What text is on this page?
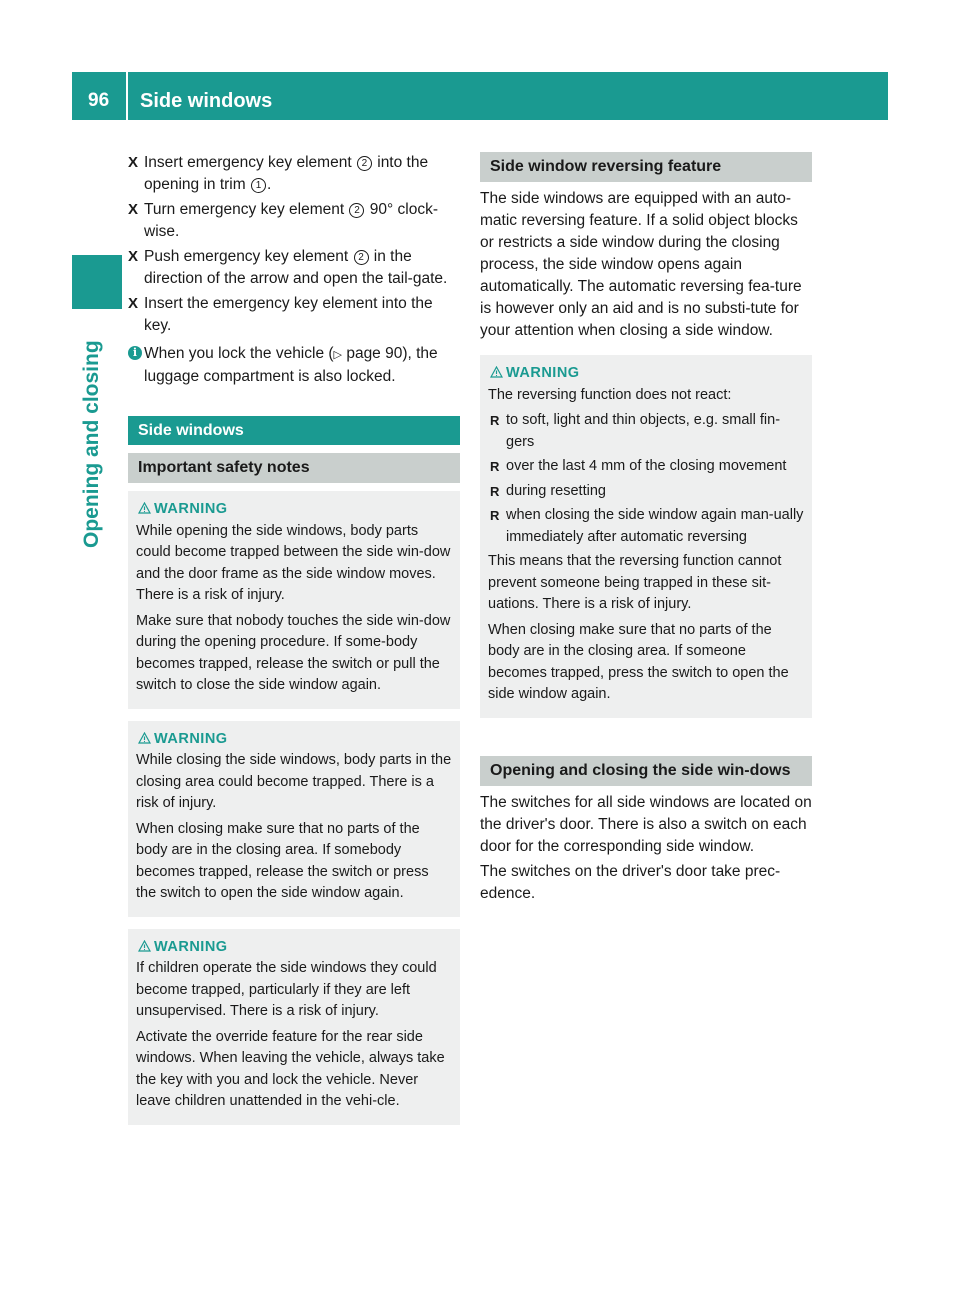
96 Side windows
Opening and closing
X Insert emergency key element 2 into the opening in trim 1 .
X Turn emergency key element 2 90° clock-wise.
X Push emergency key element 2 in the direction of the arrow and open the tail-gate.
X Insert the emergency key element into the key.
i When you lock the vehicle (▷ page 90), the luggage compartment is also locked.
Side windows
Important safety notes
WARNING

While opening the side windows, body parts could become trapped between the side win-dow and the door frame as the side window moves. There is a risk of injury.

Make sure that nobody touches the side win-dow during the opening procedure. If some-body becomes trapped, release the switch or pull the switch to close the side window again.

WARNING

While closing the side windows, body parts in the closing area could become trapped. There is a risk of injury.

When closing make sure that no parts of the body are in the closing area. If somebody becomes trapped, release the switch or press the switch to open the side window again.

WARNING

If children operate the side windows they could become trapped, particularly if they are left unsupervised. There is a risk of injury.

Activate the override feature for the rear side windows. When leaving the vehicle, always take the key with you and lock the vehicle. Never leave children unattended in the vehi-cle.

Side window reversing feature

The side windows are equipped with an auto-matic reversing feature. If a solid object blocks or restricts a side window during the closing process, the side window opens again automatically. The automatic reversing fea-ture is however only an aid and is no substi-tute for your attention when closing a side window.

WARNING

The reversing function does not react:

R to soft, light and thin objects, e.g. small fin-gers
R over the last 4 mm of the closing movement
R during resetting
R when closing the side window again man-ually immediately after automatic reversing

This means that the reversing function cannot prevent someone being trapped in these sit-uations. There is a risk of injury.

When closing make sure that no parts of the body are in the closing area. If someone becomes trapped, press the switch to open the side window again.

Opening and closing the side win-dows

The switches for all side windows are located on the driver's door. There is also a switch on each door for the corresponding side window.

The switches on the driver's door take prec-edence.
